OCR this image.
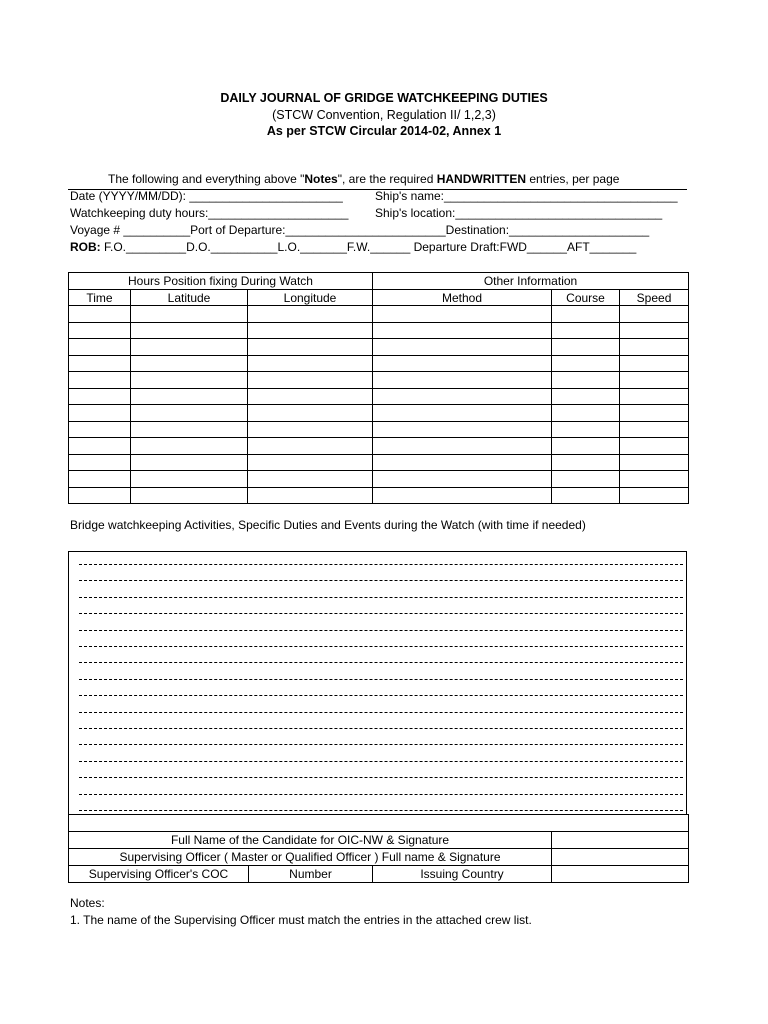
DAILY JOURNAL OF GRIDGE WATCHKEEPING DUTIES
(STCW Convention, Regulation II/ 1,2,3)
As per STCW Circular 2014-02, Annex 1
The following and everything above "Notes", are the required HANDWRITTEN entries, per page
Date (YYYY/MM/DD): _______________________	Ship's name:___________________________________
Watchkeeping duty hours:_____________________ Ship's location:_______________________________
Voyage # __________Port of Departure:________________________Destination:_____________________
ROB: F.O._________D.O.__________L.O._______F.W.______ Departure Draft:FWD______AFT_______
Hours Position fixing During Watch			Other Information		
Time	Latitude	Longitude	Method	Course	Speed

Bridge watchkeeping Activities, Specific Duties and Events during the Watch (with time if needed)

Full Name of the Candidate for OIC-NW & Signature			
Supervising Officer ( Master or Qualified Officer ) Full name & Signature			
Supervising Officer's COC	Number	Issuing Country	
Notes:
1. The name of the Supervising Officer must match the entries in the attached crew list.
